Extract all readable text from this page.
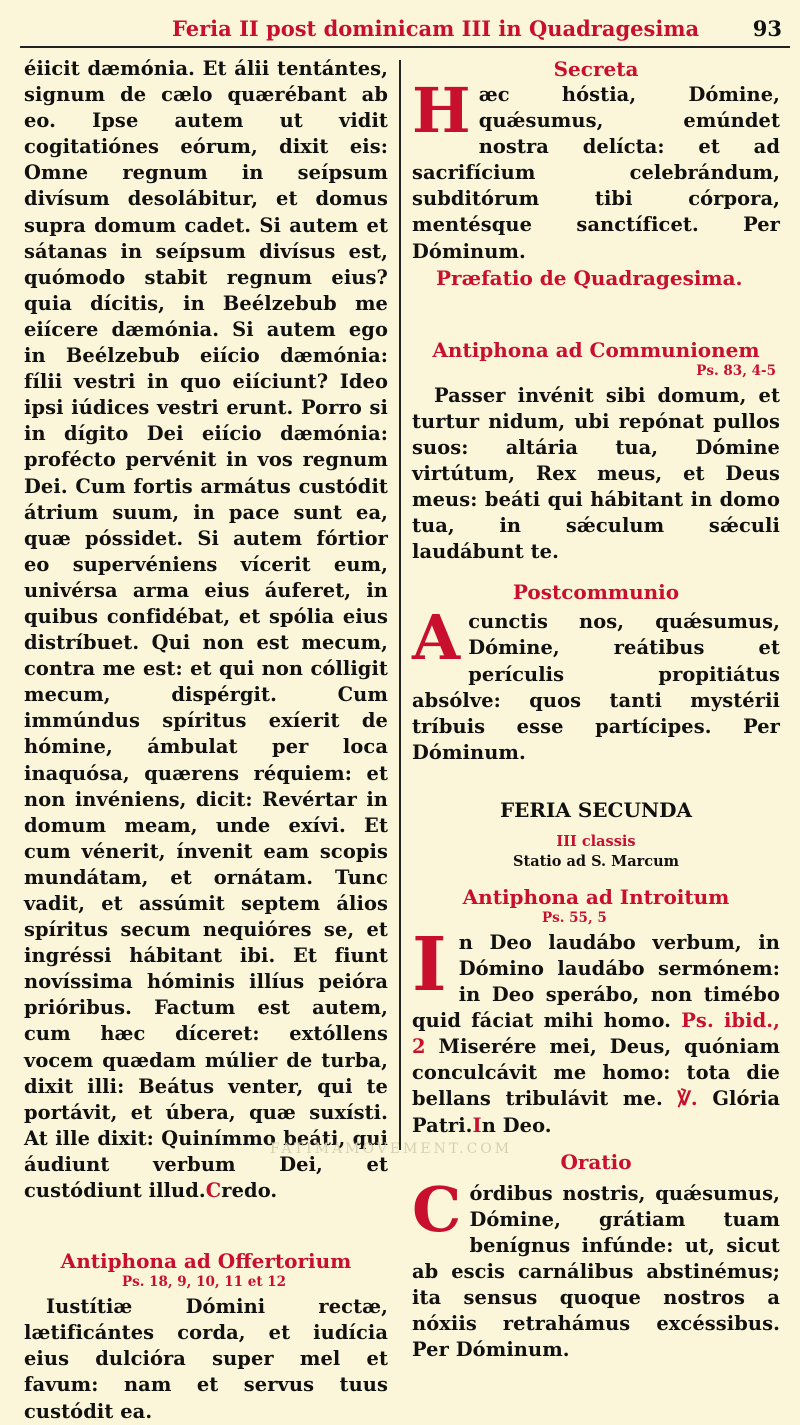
Feria II post dominicam III in Quadragesima	93

éiicit dæmónia. Et álii tentántes, signum de cælo quærébant ab eo. Ipse autem ut vidit cogitatiónes eórum, dixit eis: Omne regnum in seípsum divísum desolábitur, et domus supra domum cadet. Si autem et sátanas in seípsum divísus est, quómodo stabit regnum eius? quia dícitis, in Beélzebub me eiícere dæmónia. Si autem ego in Beélzebub eiício dæmónia: fílii vestri in quo eiíciunt? Ideo ipsi iúdices vestri erunt. Porro si in dígito Dei eiício dæmónia: profécto pervénit in vos regnum Dei. Cum fortis armátus custódit átrium suum, in pace sunt ea, quæ póssidet. Si autem fórtior eo supervéniens vícerit eum, univérsa arma eius áuferet, in quibus confidébat, et spólia eius distríbuet. Qui non est mecum, contra me est: et qui non cólligit mecum, dispérgit. Cum immúndus spíritus exíerit de hómine, ámbulat per loca inaquósa, quærens réquiem: et non invéniens, dicit: Revértar in domum meam, unde exívi. Et cum vénerit, ínvenit eam scopis mundátam, et ornátam. Tunc vadit, et assúmit septem álios spíritus secum nequióres se, et ingréssi hábitant ibi. Et fiunt novíssima hóminis illíus peióra prióribus. Factum est autem, cum hæc díceret: extóllens vocem quædam múlier de turba, dixit illi: Beátus venter, qui te portávit, et úbera, quæ suxísti. At ille dixit: Quinímmo beáti, qui áudiunt verbum Dei, et custódiunt illud.Credo.

Antiphona ad Offertorium

Ps. 18, 9, 10, 11 et 12

Iustítiæ Dómini rectæ, lætificántes corda, et iudícia eius dulcióra super mel et favum: nam et servus tuus custódit ea.

Secreta

Hæc hóstia, Dómine, quǽsumus, emúndet nostra delícta: et ad sacrifícium celebrándum, subditórum tibi córpora, mentésque sanctíficet. Per Dóminum.

Præfatio de Quadragesima.

Antiphona ad Communionem

Ps. 83, 4-5

Passer invénit sibi domum, et turtur nidum, ubi repónat pullos suos: altária tua, Dómine virtútum, Rex meus, et Deus meus: beáti qui hábitant in domo tua, in sǽculum sǽculi laudábunt te.

Postcommunio

Acunctis nos, quǽsumus, Dómine, reátibus et perículis propitiátus absólve: quos tanti mystérii tríbuis esse partícipes. Per Dóminum.

FERIA SECUNDA

III classis

Statio ad S. Marcum

Antiphona ad Introitum

Ps. 55, 5

In Deo laudábo verbum, in Dómino laudábo sermónem: in Deo sperábo, non timébo quid fáciat mihi homo. Ps. ibid., 2 Miserére mei, Deus, quóniam conculcávit me homo: tota die bellans tribulávit me. ℣. Glória Patri.In Deo.

Oratio

Córdibus nostris, quǽsumus, Dómine, grátiam tuam benígnus infúnde: ut, sicut ab escis carnálibus abstinémus; ita sensus quoque nostros a nóxiis retrahámus excéssibus. Per Dóminum.

FATIMAMOVEMENT.COM
